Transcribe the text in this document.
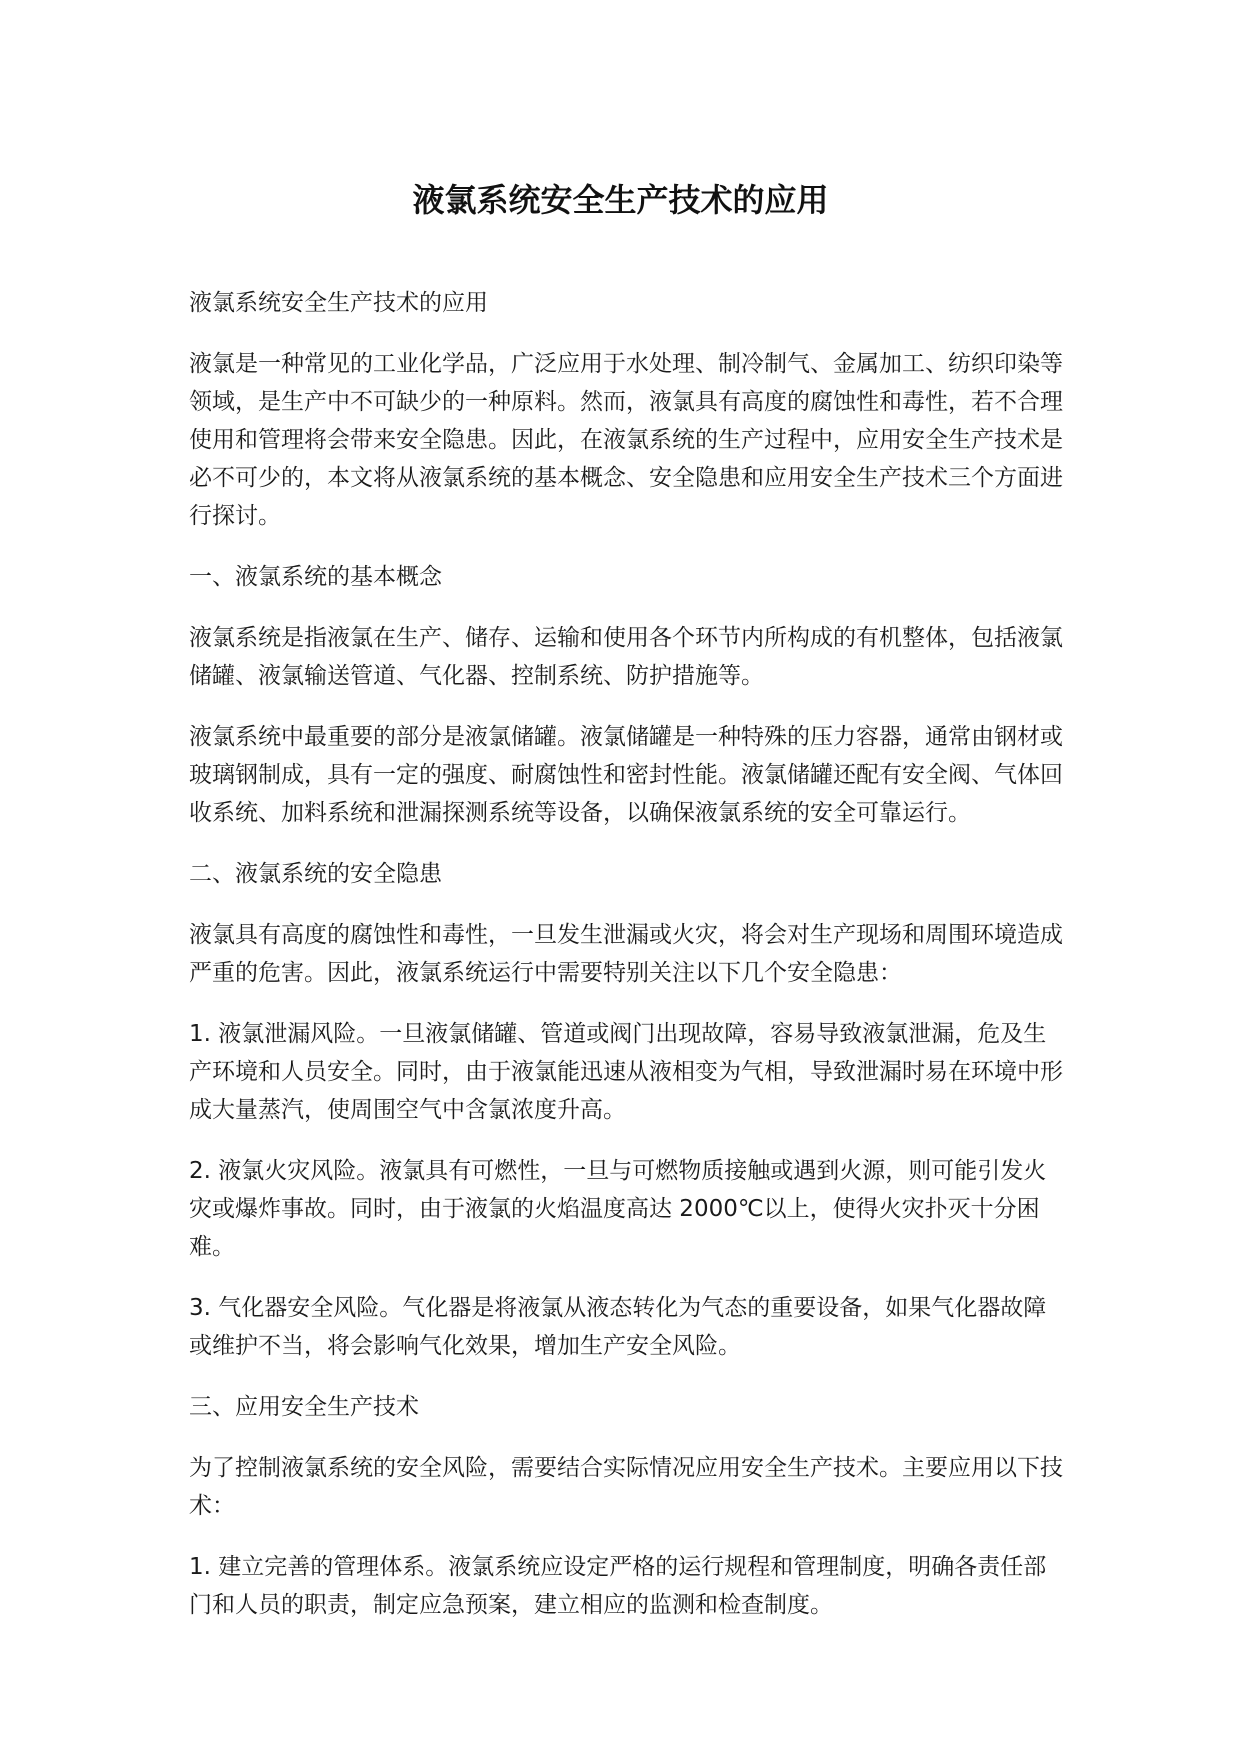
液氯系统安全生产技术的应用

液氯系统安全生产技术的应用

液氯是一种常见的工业化学品，广泛应用于水处理、制冷制气、金属加工、纺织印染等领域，是生产中不可缺少的一种原料。然而，液氯具有高度的腐蚀性和毒性，若不合理使用和管理将会带来安全隐患。因此，在液氯系统的生产过程中，应用安全生产技术是必不可少的，本文将从液氯系统的基本概念、安全隐患和应用安全生产技术三个方面进行探讨。

一、液氯系统的基本概念

液氯系统是指液氯在生产、储存、运输和使用各个环节内所构成的有机整体，包括液氯储罐、液氯输送管道、气化器、控制系统、防护措施等。

液氯系统中最重要的部分是液氯储罐。液氯储罐是一种特殊的压力容器，通常由钢材或玻璃钢制成，具有一定的强度、耐腐蚀性和密封性能。液氯储罐还配有安全阀、气体回收系统、加料系统和泄漏探测系统等设备，以确保液氯系统的安全可靠运行。

二、液氯系统的安全隐患

液氯具有高度的腐蚀性和毒性，一旦发生泄漏或火灾，将会对生产现场和周围环境造成严重的危害。因此，液氯系统运行中需要特别关注以下几个安全隐患：

1. 液氯泄漏风险。一旦液氯储罐、管道或阀门出现故障，容易导致液氯泄漏，危及生产环境和人员安全。同时，由于液氯能迅速从液相变为气相，导致泄漏时易在环境中形成大量蒸汽，使周围空气中含氯浓度升高。

2. 液氯火灾风险。液氯具有可燃性，一旦与可燃物质接触或遇到火源，则可能引发火灾或爆炸事故。同时，由于液氯的火焰温度高达 2000℃以上，使得火灾扑灭十分困难。

3. 气化器安全风险。气化器是将液氯从液态转化为气态的重要设备，如果气化器故障或维护不当，将会影响气化效果，增加生产安全风险。

三、应用安全生产技术

为了控制液氯系统的安全风险，需要结合实际情况应用安全生产技术。主要应用以下技术：

1. 建立完善的管理体系。液氯系统应设定严格的运行规程和管理制度，明确各责任部门和人员的职责，制定应急预案，建立相应的监测和检查制度。
